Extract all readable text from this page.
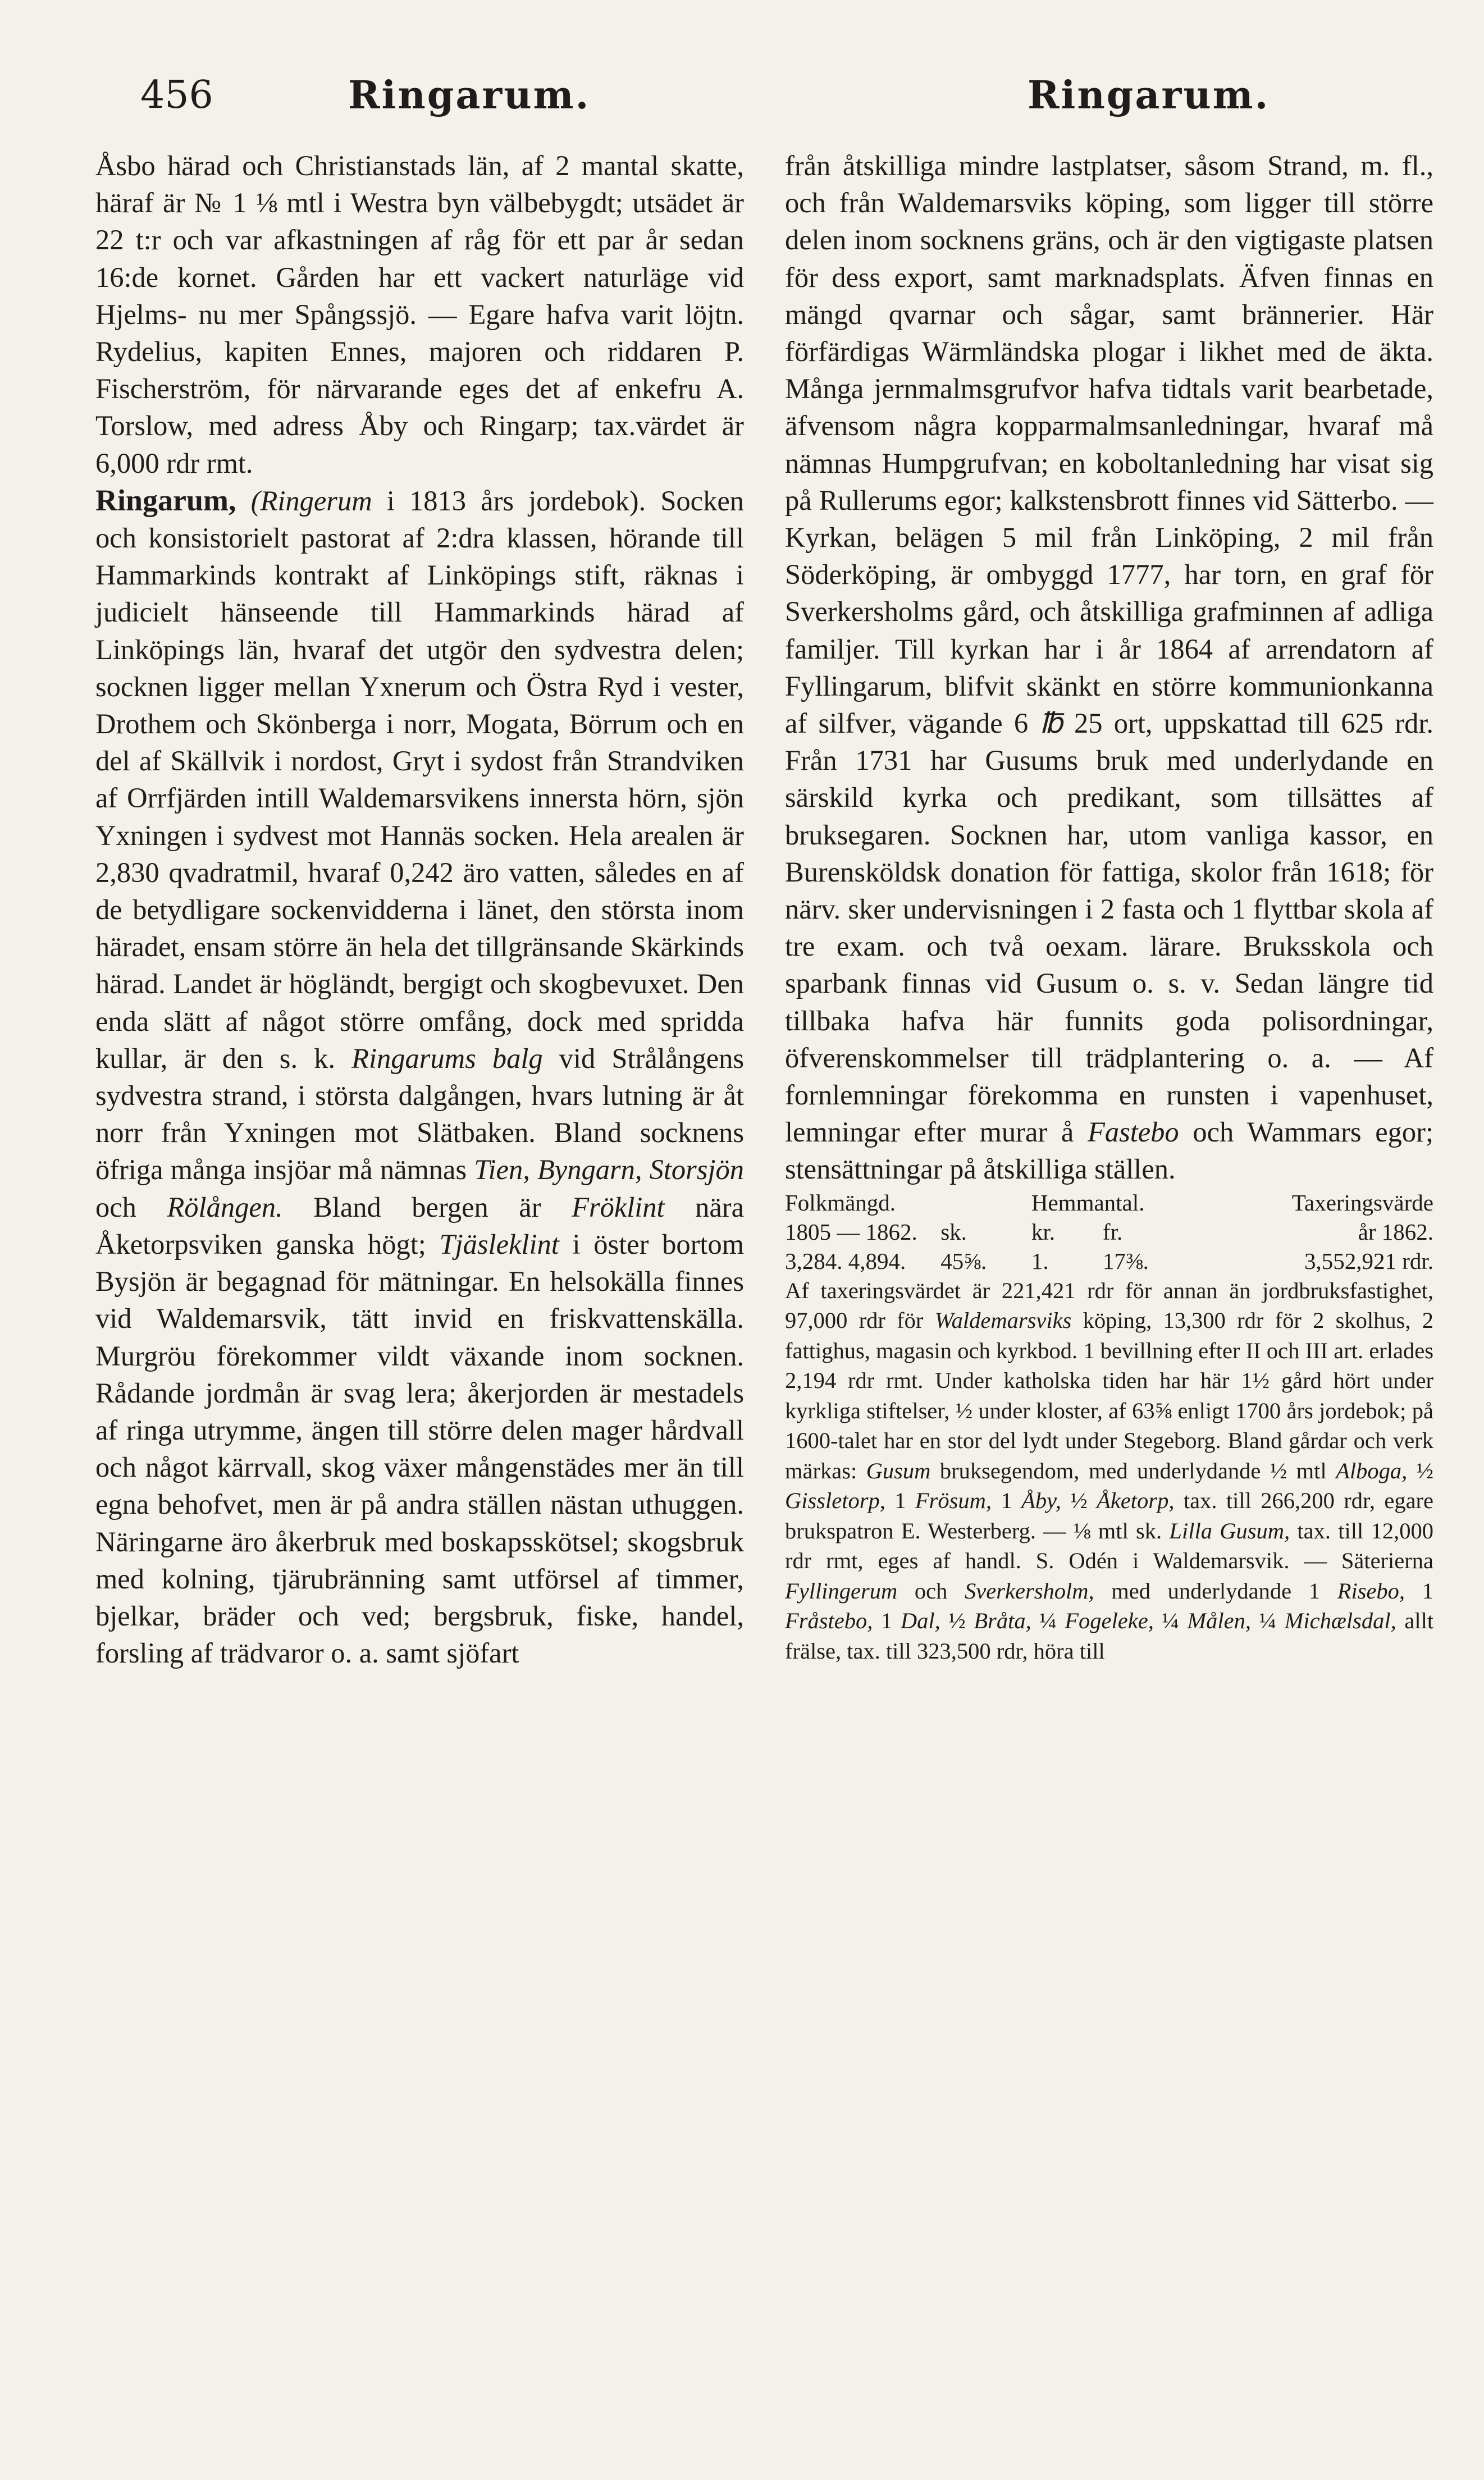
456	Ringarum.	Ringarum.

Åsbo härad och Christianstads län, af 2 mantal skatte, häraf är № 1 ⅛ mtl i Westra byn välbebygdt; utsädet är 22 t:r och var afkastningen af råg för ett par år sedan 16:de kornet. Gården har ett vackert naturläge vid Hjelms- nu mer Spångssjö. — Egare hafva varit löjtn. Rydelius, kapiten Ennes, majoren och riddaren P. Fischerström, för närvarande eges det af enkefru A. Torslow, med adress Åby och Ringarp; tax.värdet är 6,000 rdr rmt.

Ringarum, (Ringerum i 1813 års jordebok). Socken och konsistorielt pastorat af 2:dra klassen, hörande till Hammarkinds kontrakt af Linköpings stift, räknas i judicielt hänseende till Hammarkinds härad af Linköpings län, hvaraf det utgör den sydvestra delen; socknen ligger mellan Yxnerum och Östra Ryd i vester, Drothem och Skönberga i norr, Mogata, Börrum och en del af Skällvik i nordost, Gryt i sydost från Strandviken af Orrfjärden intill Waldemarsvikens innersta hörn, sjön Yxningen i sydvest mot Hannäs socken. Hela arealen är 2,830 qvadratmil, hvaraf 0,242 äro vatten, således en af de betydligare sockenvidderna i länet, den största inom häradet, ensam större än hela det tillgränsande Skärkinds härad. Landet är högländt, bergigt och skogbevuxet. Den enda slätt af något större omfång, dock med spridda kullar, är den s. k. Ringarums balg vid Strålångens sydvestra strand, i största dalgången, hvars lutning är åt norr från Yxningen mot Slätbaken. Bland socknens öfriga många insjöar må nämnas Tien, Byngarn, Storsjön och Rölången. Bland bergen är Fröklint nära Åketorpsviken ganska högt; Tjäsleklint i öster bortom Bysjön är begagnad för mätningar. En helsokälla finnes vid Waldemarsvik, tätt invid en friskvattenskälla. Murgröu förekommer vildt växande inom socknen. Rådande jordmån är svag lera; åkerjorden är mestadels af ringa utrymme, ängen till större delen mager hårdvall och något kärrvall, skog växer mångenstädes mer än till egna behofvet, men är på andra ställen nästan uthuggen. Näringarne äro åkerbruk med boskapsskötsel; skogsbruk med kolning, tjärubränning samt utförsel af timmer, bjelkar, bräder och ved; bergsbruk, fiske, handel, forsling af trädvaror o. a. samt sjöfart

från åtskilliga mindre lastplatser, såsom Strand, m. fl., och från Waldemarsviks köping, som ligger till större delen inom socknens gräns, och är den vigtigaste platsen för dess export, samt marknadsplats. Äfven finnas en mängd qvarnar och sågar, samt brännerier. Här förfärdigas Wärmländska plogar i likhet med de äkta. Många jernmalmsgrufvor hafva tidtals varit bearbetade, äfvensom några kopparmalmsanledningar, hvaraf må nämnas Humpgrufvan; en koboltanledning har visat sig på Rullerums egor; kalkstensbrott finnes vid Sätterbo. — Kyrkan, belägen 5 mil från Linköping, 2 mil från Söderköping, är ombyggd 1777, har torn, en graf för Sverkersholms gård, och åtskilliga grafminnen af adliga familjer. Till kyrkan har i år 1864 af arrendatorn af Fyllingarum, blifvit skänkt en större kommunionkanna af silfver, vägande 6 ℔ 25 ort, uppskattad till 625 rdr. Från 1731 har Gusums bruk med underlydande en särskild kyrka och predikant, som tillsättes af bruksegaren. Socknen har, utom vanliga kassor, en Burensköldsk donation för fattiga, skolor från 1618; för närv. sker undervisningen i 2 fasta och 1 flyttbar skola af tre exam. och två oexam. lärare. Bruksskola och sparbank finnas vid Gusum o. s. v. Sedan längre tid tillbaka hafva här funnits goda polisordningar, öfverenskommelser till trädplantering o. a. — Af fornlemningar förekomma en runsten i vapenhuset, lemningar efter murar å Fastebo och Wammars egor; stensättningar på åtskilliga ställen.

Folkmängd.		Hemmantal.		Taxeringsvärde
1805 — 1862.	sk.	kr.	fr.	år 1862.
3,284. 4,894.	45⅝.	1.	17⅜.	3,552,921 rdr.

Af taxeringsvärdet är 221,421 rdr för annan än jordbruksfastighet, 97,000 rdr för Waldemarsviks köping, 13,300 rdr för 2 skolhus, 2 fattighus, magasin och kyrkbod. 1 bevillning efter II och III art. erlades 2,194 rdr rmt. Under katholska tiden har här 1½ gård hört under kyrkliga stiftelser, ½ under kloster, af 63⅝ enligt 1700 års jordebok; på 1600-talet har en stor del lydt under Stegeborg. Bland gårdar och verk märkas: Gusum bruksegendom, med underlydande ½ mtl Alboga, ½ Gissletorp, 1 Frösum, 1 Åby, ½ Åketorp, tax. till 266,200 rdr, egare brukspatron E. Westerberg. — ⅛ mtl sk. Lilla Gusum, tax. till 12,000 rdr rmt, eges af handl. S. Odén i Waldemarsvik. — Säterierna Fyllingerum och Sverkersholm, med underlydande 1 Risebo, 1 Fråstebo, 1 Dal, ½ Bråta, ¼ Fogeleke, ¼ Målen, ¼ Michælsdal, allt frälse, tax. till 323,500 rdr, höra till
